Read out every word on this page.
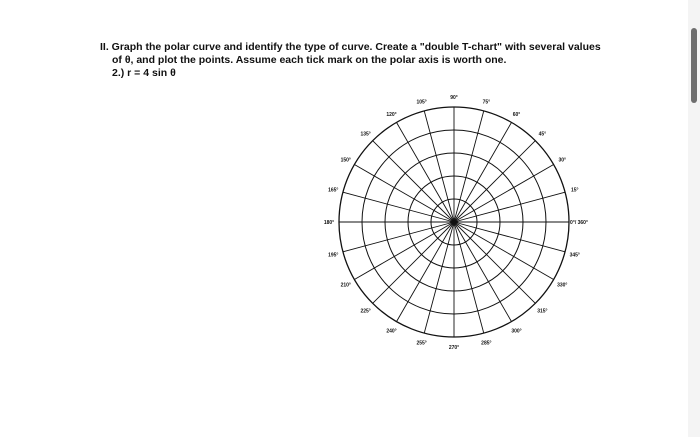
II. Graph the polar curve and identify the type of curve. Create a "double T-chart" with several values
of θ, and plot the points. Assume each tick mark on the polar axis is worth one.
2.) r = 4 sin θ
0°/ 360°
15°
30°
45°
60°
75°
90°
105°
120°
135°
150°
165°
180°
195°
210°
225°
240°
255°
270°
285°
300°
315°
330°
345°
